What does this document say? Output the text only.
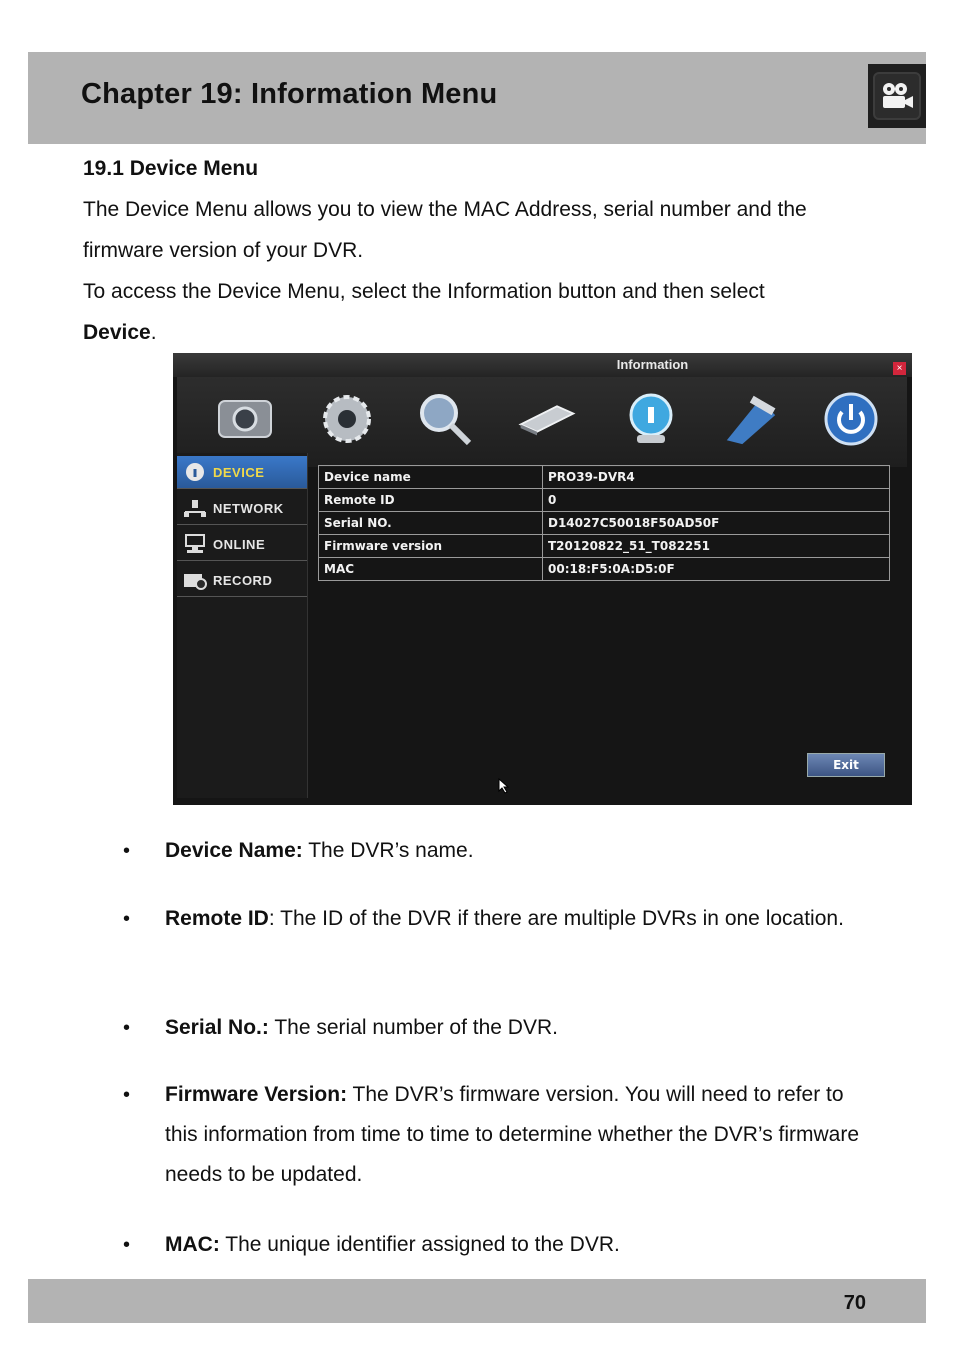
Chapter 19: Information Menu
19.1 Device Menu

The Device Menu allows you to view the MAC Address, serial number and the firmware version of your DVR.

To access the Device Menu, select the Information button and then select
Device.

Information	×
DEVICE
NETWORK
ONLINE
RECORD
Device name	PRO39-DVR4
Remote ID	0
Serial NO.	D14027C50018F50AD50F
Firmware version	T20120822_51_T082251
MAC	00:18:F5:0A:D5:0F
Exit
• Device Name: The DVR’s name.
• Remote ID: The ID of the DVR if there are multiple DVRs in one location.
• Serial No.: The serial number of the DVR.
• Firmware Version: The DVR’s firmware version. You will need to refer to this information from time to time to determine whether the DVR’s firmware needs to be updated.
• MAC: The unique identifier assigned to the DVR.
70
